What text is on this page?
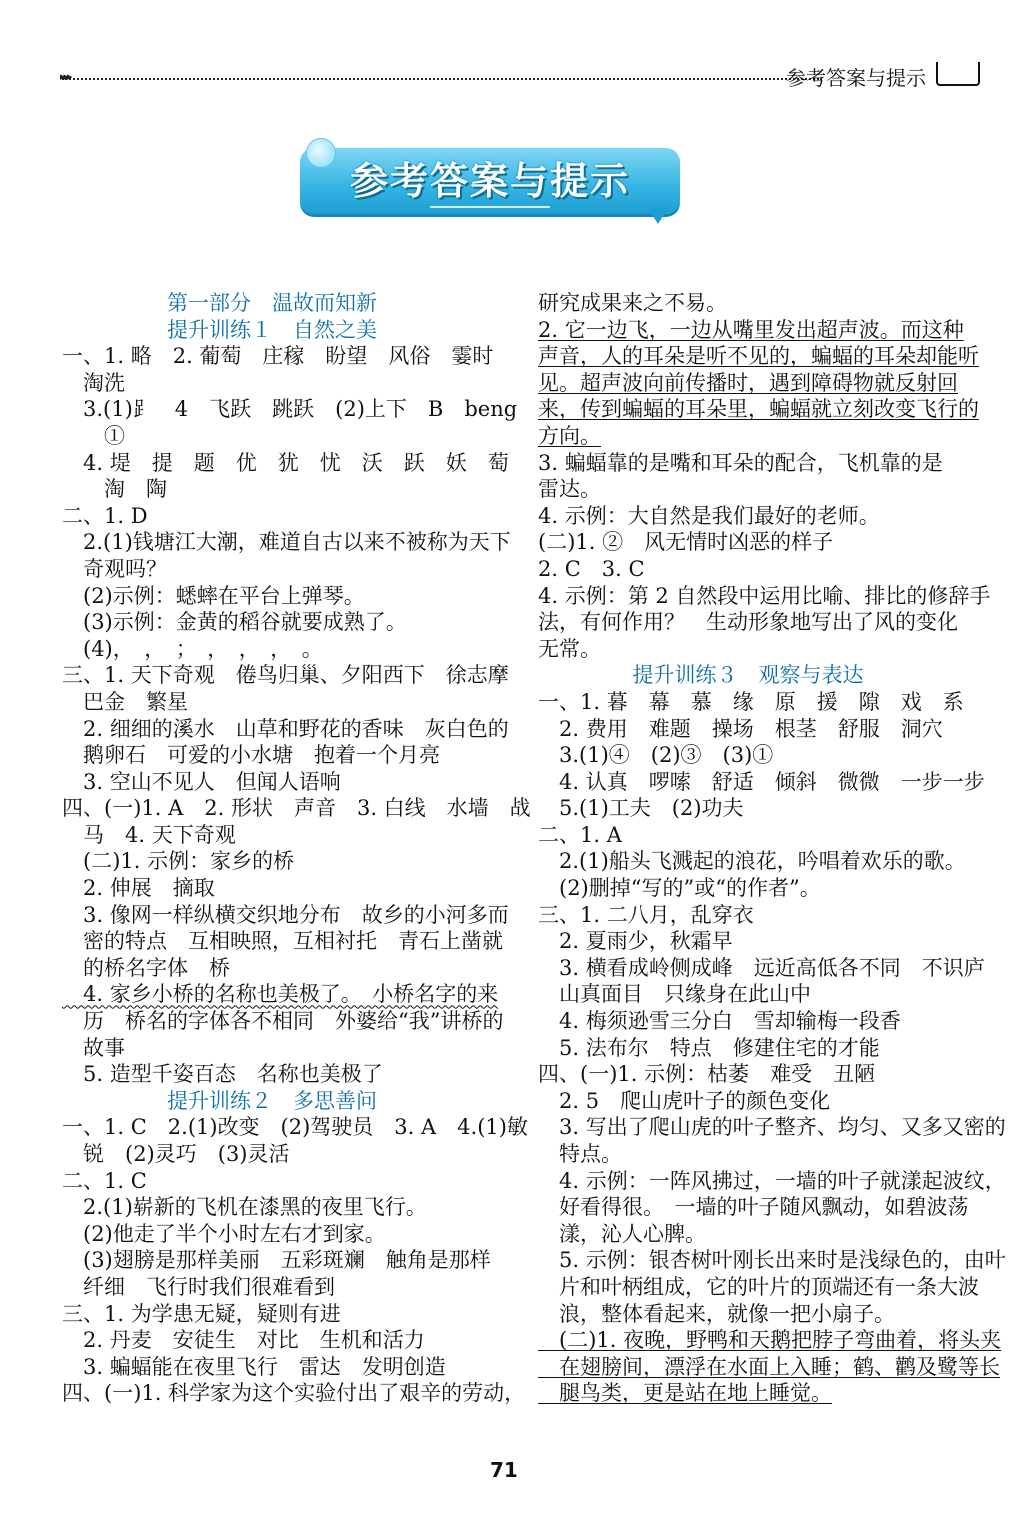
▸▸▸	参考答案与提示
参考答案与提示
第一部分　温故而知新
提升训练１　自然之美
一、1. 略　2. 葡萄　庄稼　盼望　风俗　霎时
　淘洗
　3.(1)⻊　4　飞跃　跳跃　(2)上下　B　beng
　　①
　4. 堤　提　题　优　犹　忧　沃　跃　妖　萄
　　淘　陶
二、1. D
　2.(1)钱塘江大潮，难道自古以来不被称为天下
　奇观吗？
　(2)示例：蟋蟀在平台上弹琴。
　(3)示例：金黄的稻谷就要成熟了。
　(4)，　，　；　，　，　，　。
三、1. 天下奇观　倦鸟归巢、夕阳西下　徐志摩
　巴金　繁星
　2. 细细的溪水　山草和野花的香味　灰白色的
　鹅卵石　可爱的小水塘　抱着一个月亮
　3. 空山不见人　但闻人语响
四、(一)1. A　2. 形状　声音　3. 白线　水墙　战
　马　4. 天下奇观
　(二)1. 示例：家乡的桥
　2. 伸展　摘取
　3. 像网一样纵横交织地分布　故乡的小河多而
　密的特点　互相映照，互相衬托　青石上凿就
　的桥名字体　桥
　4. 家乡小桥的名称也美极了。　小桥名字的来
　历　桥名的字体各不相同　外婆给“我”讲桥的
　故事
　5. 造型千姿百态　名称也美极了
提升训练２　多思善问
一、1. C　2.(1)改变　(2)驾驶员　3. A　4.(1)敏
　锐　(2)灵巧　(3)灵活
二、1. C
　2.(1)崭新的飞机在漆黑的夜里飞行。
　(2)他走了半个小时左右才到家。
　(3)翅膀是那样美丽　五彩斑斓　触角是那样
　纤细　飞行时我们很难看到
三、1. 为学患无疑，疑则有进
　2. 丹麦　安徒生　对比　生机和活力
　3. 蝙蝠能在夜里飞行　雷达　发明创造
四、(一)1. 科学家为这个实验付出了艰辛的劳动，
研究成果来之不易。
2. 它一边飞，一边从嘴里发出超声波。而这种
声音，人的耳朵是听不见的，蝙蝠的耳朵却能听
见。超声波向前传播时，遇到障碍物就反射回
来，传到蝙蝠的耳朵里，蝙蝠就立刻改变飞行的
方向。
3. 蝙蝠靠的是嘴和耳朵的配合，飞机靠的是
雷达。
4. 示例：大自然是我们最好的老师。
(二)1. ②　风无情时凶恶的样子
2. C　3. C
4. 示例：第 2 自然段中运用比喻、排比的修辞手
法，有何作用？　生动形象地写出了风的变化
无常。
提升训练３　观察与表达
一、1. 暮　幕　慕　缘　原　援　隙　戏　系
　2. 费用　难题　操场　根茎　舒服　洞穴
　3.(1)④　(2)③　(3)①
　4. 认真　啰嗦　舒适　倾斜　微微　一步一步
　5.(1)工夫　(2)功夫
二、1. A
　2.(1)船头飞溅起的浪花，吟唱着欢乐的歌。
　(2)删掉“写的”或“的作者”。
三、1. 二八月，乱穿衣
　2. 夏雨少，秋霜早
　3. 横看成岭侧成峰　远近高低各不同　不识庐
　山真面目　只缘身在此山中
　4. 梅须逊雪三分白　雪却输梅一段香
　5. 法布尔　特点　修建住宅的才能
四、(一)1. 示例：枯萎　难受　丑陋
　2. 5　爬山虎叶子的颜色变化
　3. 写出了爬山虎的叶子整齐、均匀、又多又密的
　特点。
　4. 示例：一阵风拂过，一墙的叶子就漾起波纹，
　好看得很。　一墙的叶子随风飘动，如碧波荡
　漾，沁人心脾。
　5. 示例：银杏树叶刚长出来时是浅绿色的，由叶
　片和叶柄组成，它的叶片的顶端还有一条大波
　浪，整体看起来，就像一把小扇子。
　(二)1. 夜晚，野鸭和天鹅把脖子弯曲着，将头夹
　在翅膀间，漂浮在水面上入睡；鹤、鹳及鹭等长
　腿鸟类，更是站在地上睡觉。
71
